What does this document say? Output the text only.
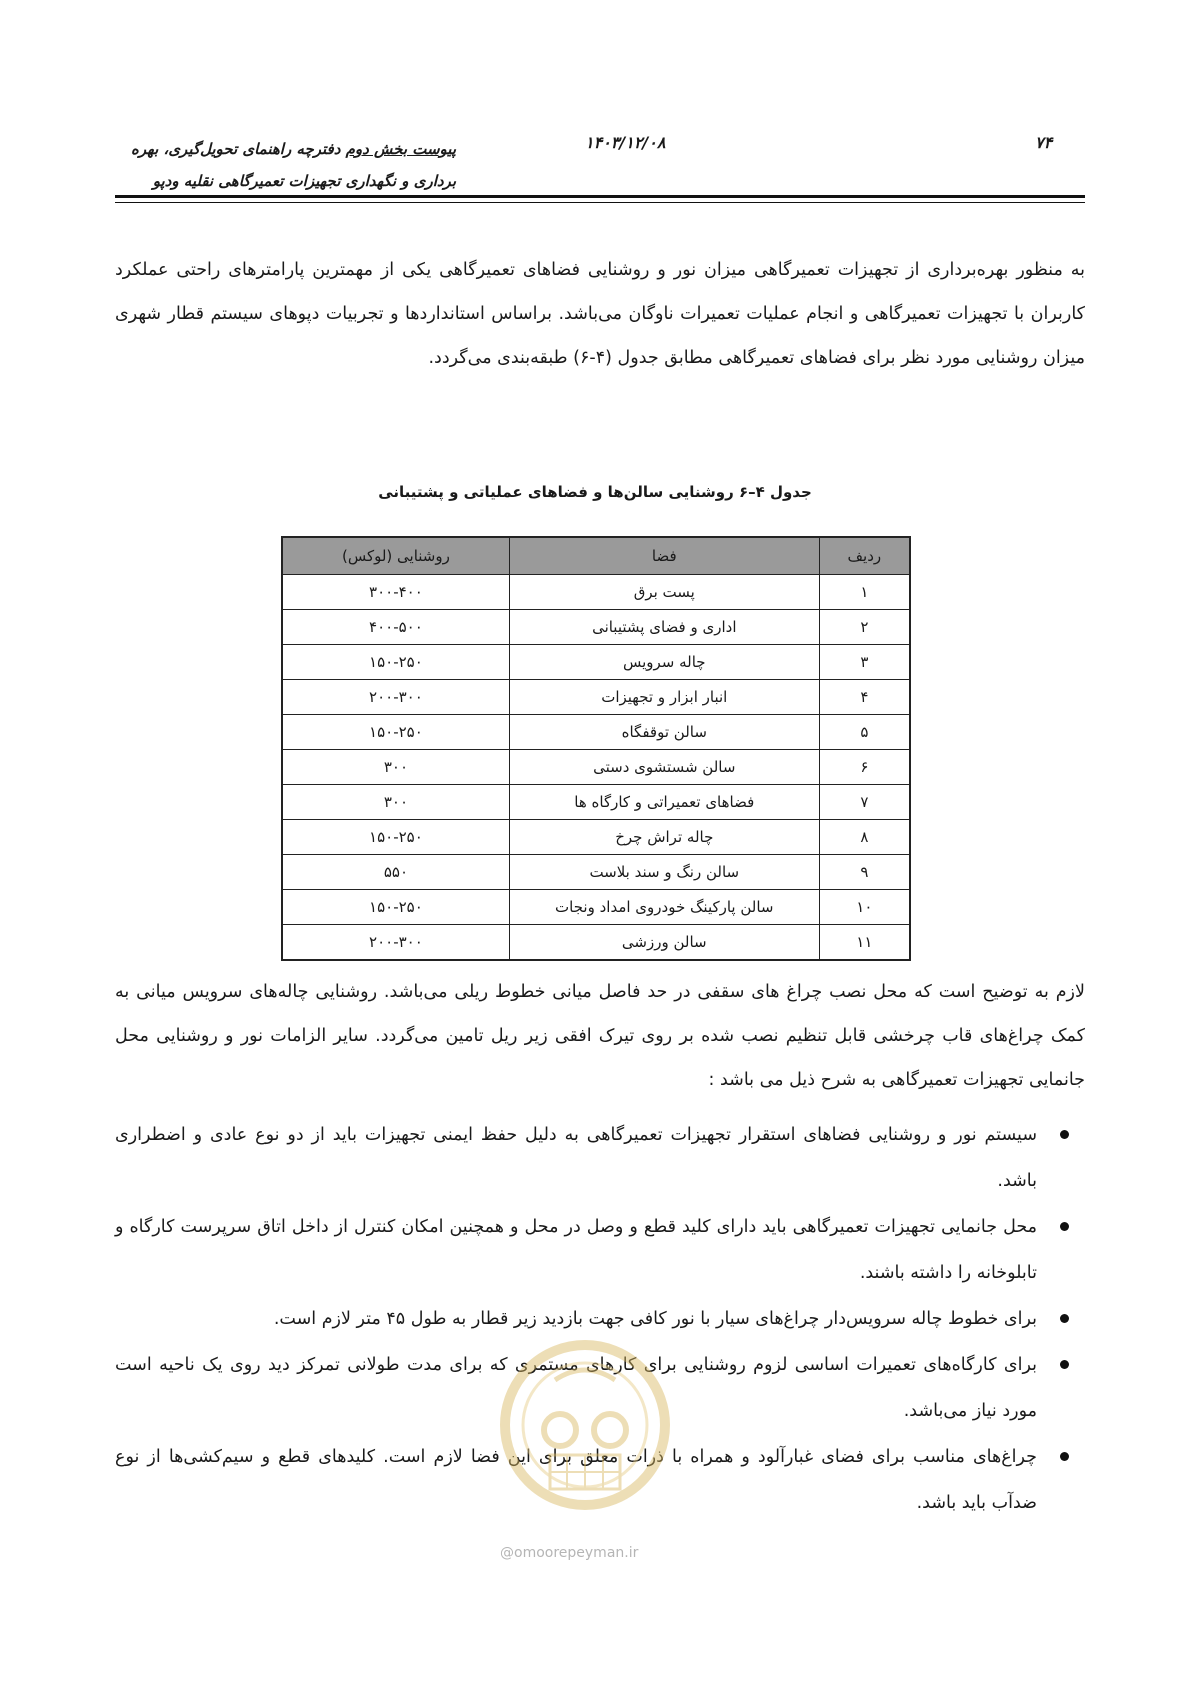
۷۴
۱۴۰۳/۱۲/۰۸
پیوست بخش دوم دفترچه راهنمای تحویل‌گیری، بهره
برداری و نگهداری تجهیزات تعمیرگاهی نقلیه ودپو
به منظور بهره‌برداری از تجهیزات تعمیرگاهی میزان نور و روشنایی فضاهای تعمیرگاهی یکی از مهمترین پارامترهای راحتی عملکرد کاربران با تجهیزات تعمیرگاهی و انجام عملیات تعمیرات ناوگان می‌باشد. براساس استانداردها و تجربیات دپوهای سیستم قطار شهری میزان روشنایی مورد نظر برای فضاهای تعمیرگاهی مطابق جدول (۴-۶) طبقه‌بندی می‌گردد.
جدول ۴–۶ روشنایی سالن‌ها و فضاهای عملیاتی و پشتیبانی
ردیف	فضا	روشنایی (لوکس)
۱	پست برق	۳۰۰-۴۰۰
۲	اداری و فضای پشتیبانی	۴۰۰-۵۰۰
۳	چاله سرویس	۱۵۰-۲۵۰
۴	انبار ابزار و تجهیزات	۲۰۰-۳۰۰
۵	سالن توقفگاه	۱۵۰-۲۵۰
۶	سالن شستشوی دستی	۳۰۰
۷	فضاهای تعمیراتی و کارگاه ها	۳۰۰
۸	چاله تراش چرخ	۱۵۰-۲۵۰
۹	سالن رنگ و سند بلاست	۵۵۰
۱۰	سالن پارکینگ خودروی امداد ونجات	۱۵۰-۲۵۰
۱۱	سالن ورزشی	۲۰۰-۳۰۰
لازم به توضیح است که محل نصب چراغ های سقفی در حد فاصل میانی خطوط ریلی می‌باشد. روشنایی چاله‌های سرویس میانی به کمک چراغ‌های قاب چرخشی قابل تنظیم نصب شده بر روی تیرک افقی زیر ریل تامین می‌گردد. سایر الزامات نور و روشنایی محل جانمایی تجهیزات تعمیرگاهی به شرح ذیل می باشد :
سیستم نور و روشنایی فضاهای استقرار تجهیزات تعمیرگاهی به دلیل حفظ ایمنی تجهیزات باید از دو نوع عادی و اضطراری باشد.
محل جانمایی تجهیزات تعمیرگاهی باید دارای کلید قطع و وصل در محل و همچنین امکان کنترل از داخل اتاق سرپرست کارگاه و تابلوخانه را داشته باشند.
برای خطوط چاله سرویس‌دار چراغ‌های سیار با نور کافی جهت بازدید زیر قطار به طول ۴۵ متر لازم است.
برای کارگاه‌های تعمیرات اساسی لزوم روشنایی برای کارهای مستمری که برای مدت طولانی تمرکز دید روی یک ناحیه است مورد نیاز می‌باشد.
چراغ‌های مناسب برای فضای غبارآلود و همراه با ذرات معلق برای این فضا لازم است. کلیدهای قطع و سیم‌کشی‌ها از نوع ضدآب باید باشد.
@omoorepeyman.ir
